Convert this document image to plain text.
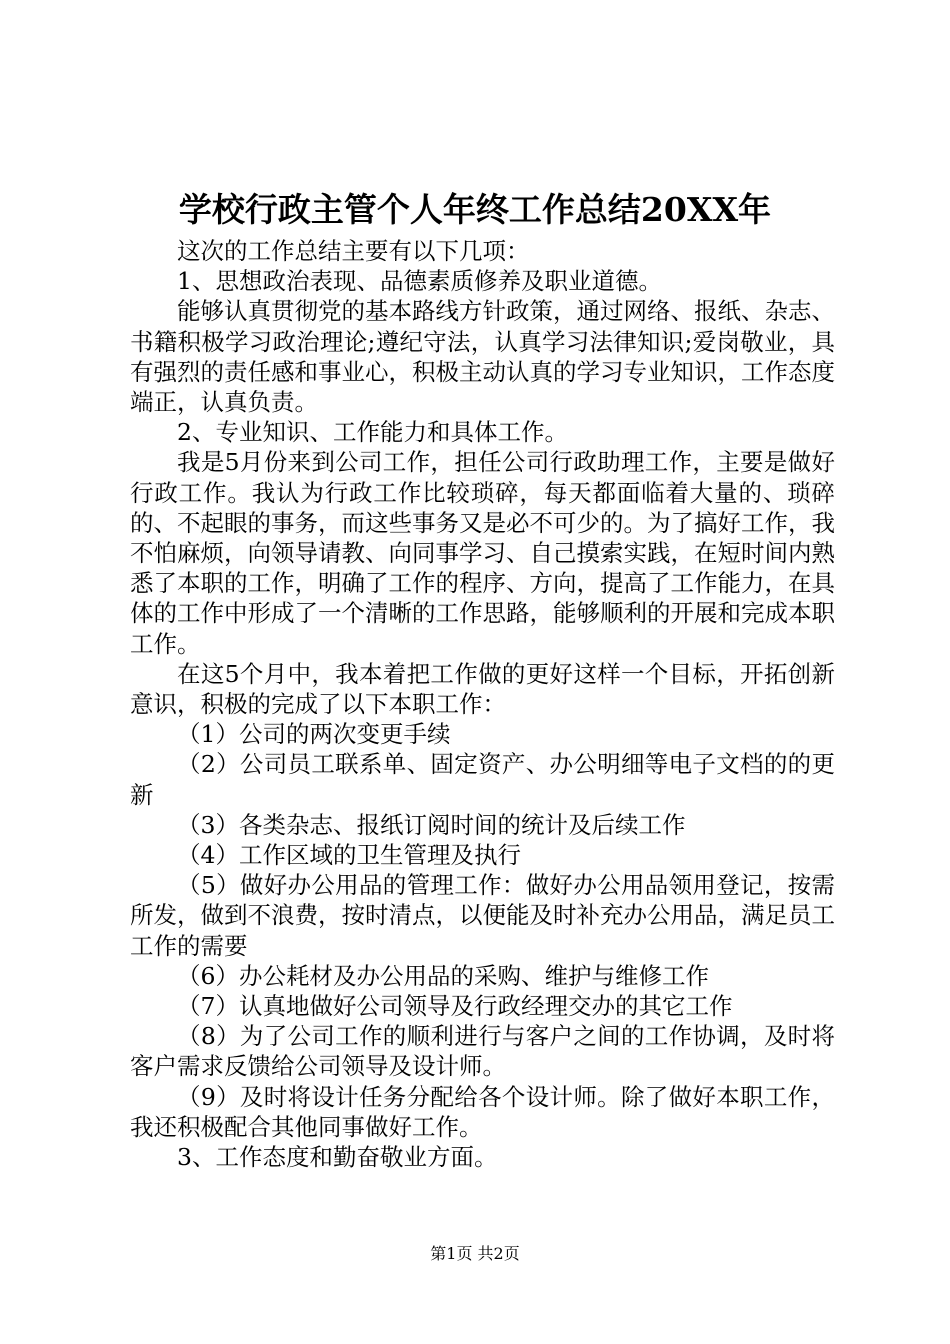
学校行政主管个人年终工作总结20XX年

这次的工作总结主要有以下几项：

1、思想政治表现、品德素质修养及职业道德。

能够认真贯彻党的基本路线方针政策，通过网络、报纸、杂志、书籍积极学习政治理论;遵纪守法，认真学习法律知识;爱岗敬业，具有强烈的责任感和事业心，积极主动认真的学习专业知识，工作态度端正，认真负责。

2、专业知识、工作能力和具体工作。

我是5月份来到公司工作，担任公司行政助理工作，主要是做好行政工作。我认为行政工作比较琐碎，每天都面临着大量的、琐碎的、不起眼的事务，而这些事务又是必不可少的。为了搞好工作，我不怕麻烦，向领导请教、向同事学习、自己摸索实践，在短时间内熟悉了本职的工作，明确了工作的程序、方向，提高了工作能力，在具体的工作中形成了一个清晰的工作思路，能够顺利的开展和完成本职工作。

在这5个月中，我本着把工作做的更好这样一个目标，开拓创新意识，积极的完成了以下本职工作：

（1）公司的两次变更手续

（2）公司员工联系单、固定资产、办公明细等电子文档的的更新

（3）各类杂志、报纸订阅时间的统计及后续工作

（4）工作区域的卫生管理及执行

（5）做好办公用品的管理工作：做好办公用品领用登记，按需所发，做到不浪费，按时清点，以便能及时补充办公用品，满足员工工作的需要

（6）办公耗材及办公用品的采购、维护与维修工作

（7）认真地做好公司领导及行政经理交办的其它工作

（8）为了公司工作的顺利进行与客户之间的工作协调，及时将客户需求反馈给公司领导及设计师。

（9）及时将设计任务分配给各个设计师。除了做好本职工作，我还积极配合其他同事做好工作。

3、工作态度和勤奋敬业方面。

第1页 共2页
